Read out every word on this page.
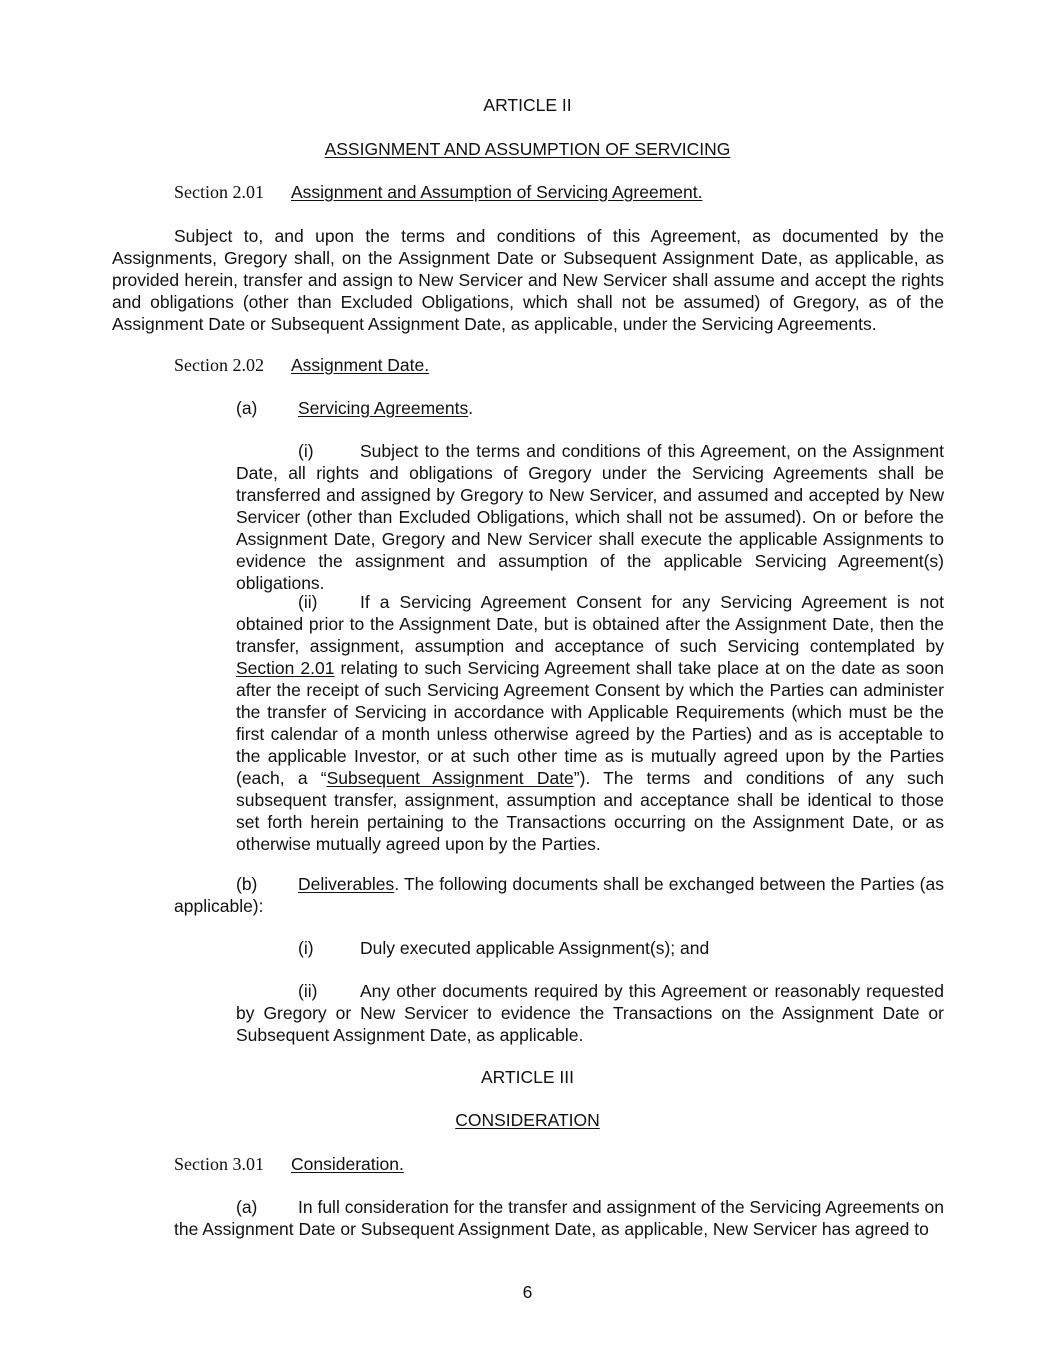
ARTICLE II
ASSIGNMENT AND ASSUMPTION OF SERVICING
Section 2.01 Assignment and Assumption of Servicing Agreement.
Subject to, and upon the terms and conditions of this Agreement, as documented by the Assignments, Gregory shall, on the Assignment Date or Subsequent Assignment Date, as applicable, as provided herein, transfer and assign to New Servicer and New Servicer shall assume and accept the rights and obligations (other than Excluded Obligations, which shall not be assumed) of Gregory, as of the Assignment Date or Subsequent Assignment Date, as applicable, under the Servicing Agreements.
Section 2.02 Assignment Date.
(a) Servicing Agreements.
(i)	Subject to the terms and conditions of this Agreement, on the Assignment Date, all rights and obligations of Gregory under the Servicing Agreements shall be transferred and assigned by Gregory to New Servicer, and assumed and accepted by New Servicer (other than Excluded Obligations, which shall not be assumed). On or before the Assignment Date, Gregory and New Servicer shall execute the applicable Assignments to evidence the assignment and assumption of the applicable Servicing Agreement(s) obligations.
(ii) If a Servicing Agreement Consent for any Servicing Agreement is not obtained prior to the Assignment Date, but is obtained after the Assignment Date, then the transfer, assignment, assumption and acceptance of such Servicing contemplated by Section 2.01 relating to such Servicing Agreement shall take place at on the date as soon after the receipt of such Servicing Agreement Consent by which the Parties can administer the transfer of Servicing in accordance with Applicable Requirements (which must be the first calendar of a month unless otherwise agreed by the Parties) and as is acceptable to the applicable Investor, or at such other time as is mutually agreed upon by the Parties (each, a “Subsequent Assignment Date”). The terms and conditions of any such subsequent transfer, assignment, assumption and acceptance shall be identical to those set forth herein pertaining to the Transactions occurring on the Assignment Date, or as otherwise mutually agreed upon by the Parties.
(b) Deliverables. The following documents shall be exchanged between the Parties (as applicable):
(i)	Duly executed applicable Assignment(s); and
(ii) Any other documents required by this Agreement or reasonably requested by Gregory or New Servicer to evidence the Transactions on the Assignment Date or Subsequent Assignment Date, as applicable.
ARTICLE III
CONSIDERATION
Section 3.01 Consideration.
(a) In full consideration for the transfer and assignment of the Servicing Agreements on the Assignment Date or Subsequent Assignment Date, as applicable, New Servicer has agreed to
6
